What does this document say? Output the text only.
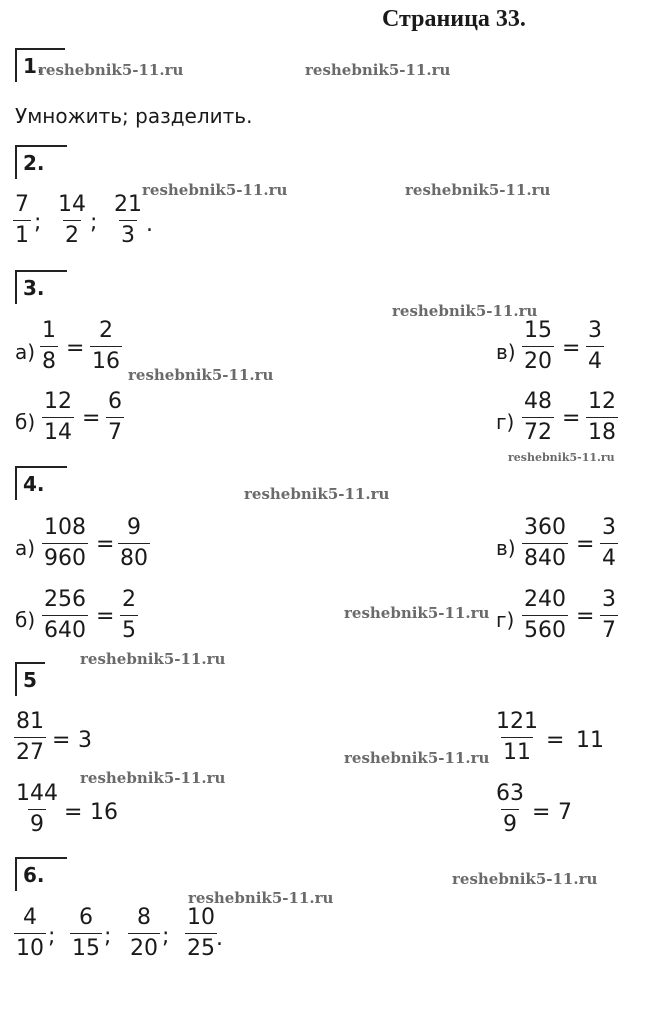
Страница 33.
1.
Умножить; разделить.
2.
$\frac{7}{1}$ ; $\frac{14}{2}$ ; $\frac{21}{3}$ .
3.
$а) \frac{1}{8} = \frac{2}{16}$
$б) \frac{12}{14} = \frac{6}{7}$
$в) \frac{15}{20} = \frac{3}{4}$
$г) \frac{48}{72} = \frac{12}{18}$
4.
$а) \frac{108}{960} = \frac{9}{80}$
$б) \frac{256}{640} = \frac{2}{5}$
$в) \frac{360}{840} = \frac{3}{4}$
$г) \frac{240}{560} = \frac{3}{7}$
5
$\frac{81}{27} = 3$
$\frac{144}{9} = 16$
$\frac{121}{11} = 11$
$\frac{63}{9} = 7$
6.
$\frac{4}{10}$ ; $\frac{6}{15}$ ; $\frac{8}{20}$ ; $\frac{10}{25}$ .
reshebnik5-11.ru	reshebnik5-11.ru
reshebnik5-11.ru	reshebnik5-11.ru
reshebnik5-11.ru
reshebnik5-11.ru
reshebnik5-11.ru
reshebnik5-11.ru
reshebnik5-11.ru
reshebnik5-11.ru
reshebnik5-11.ru
reshebnik5-11.ru
reshebnik5-11.ru
reshebnik5-11.ru
